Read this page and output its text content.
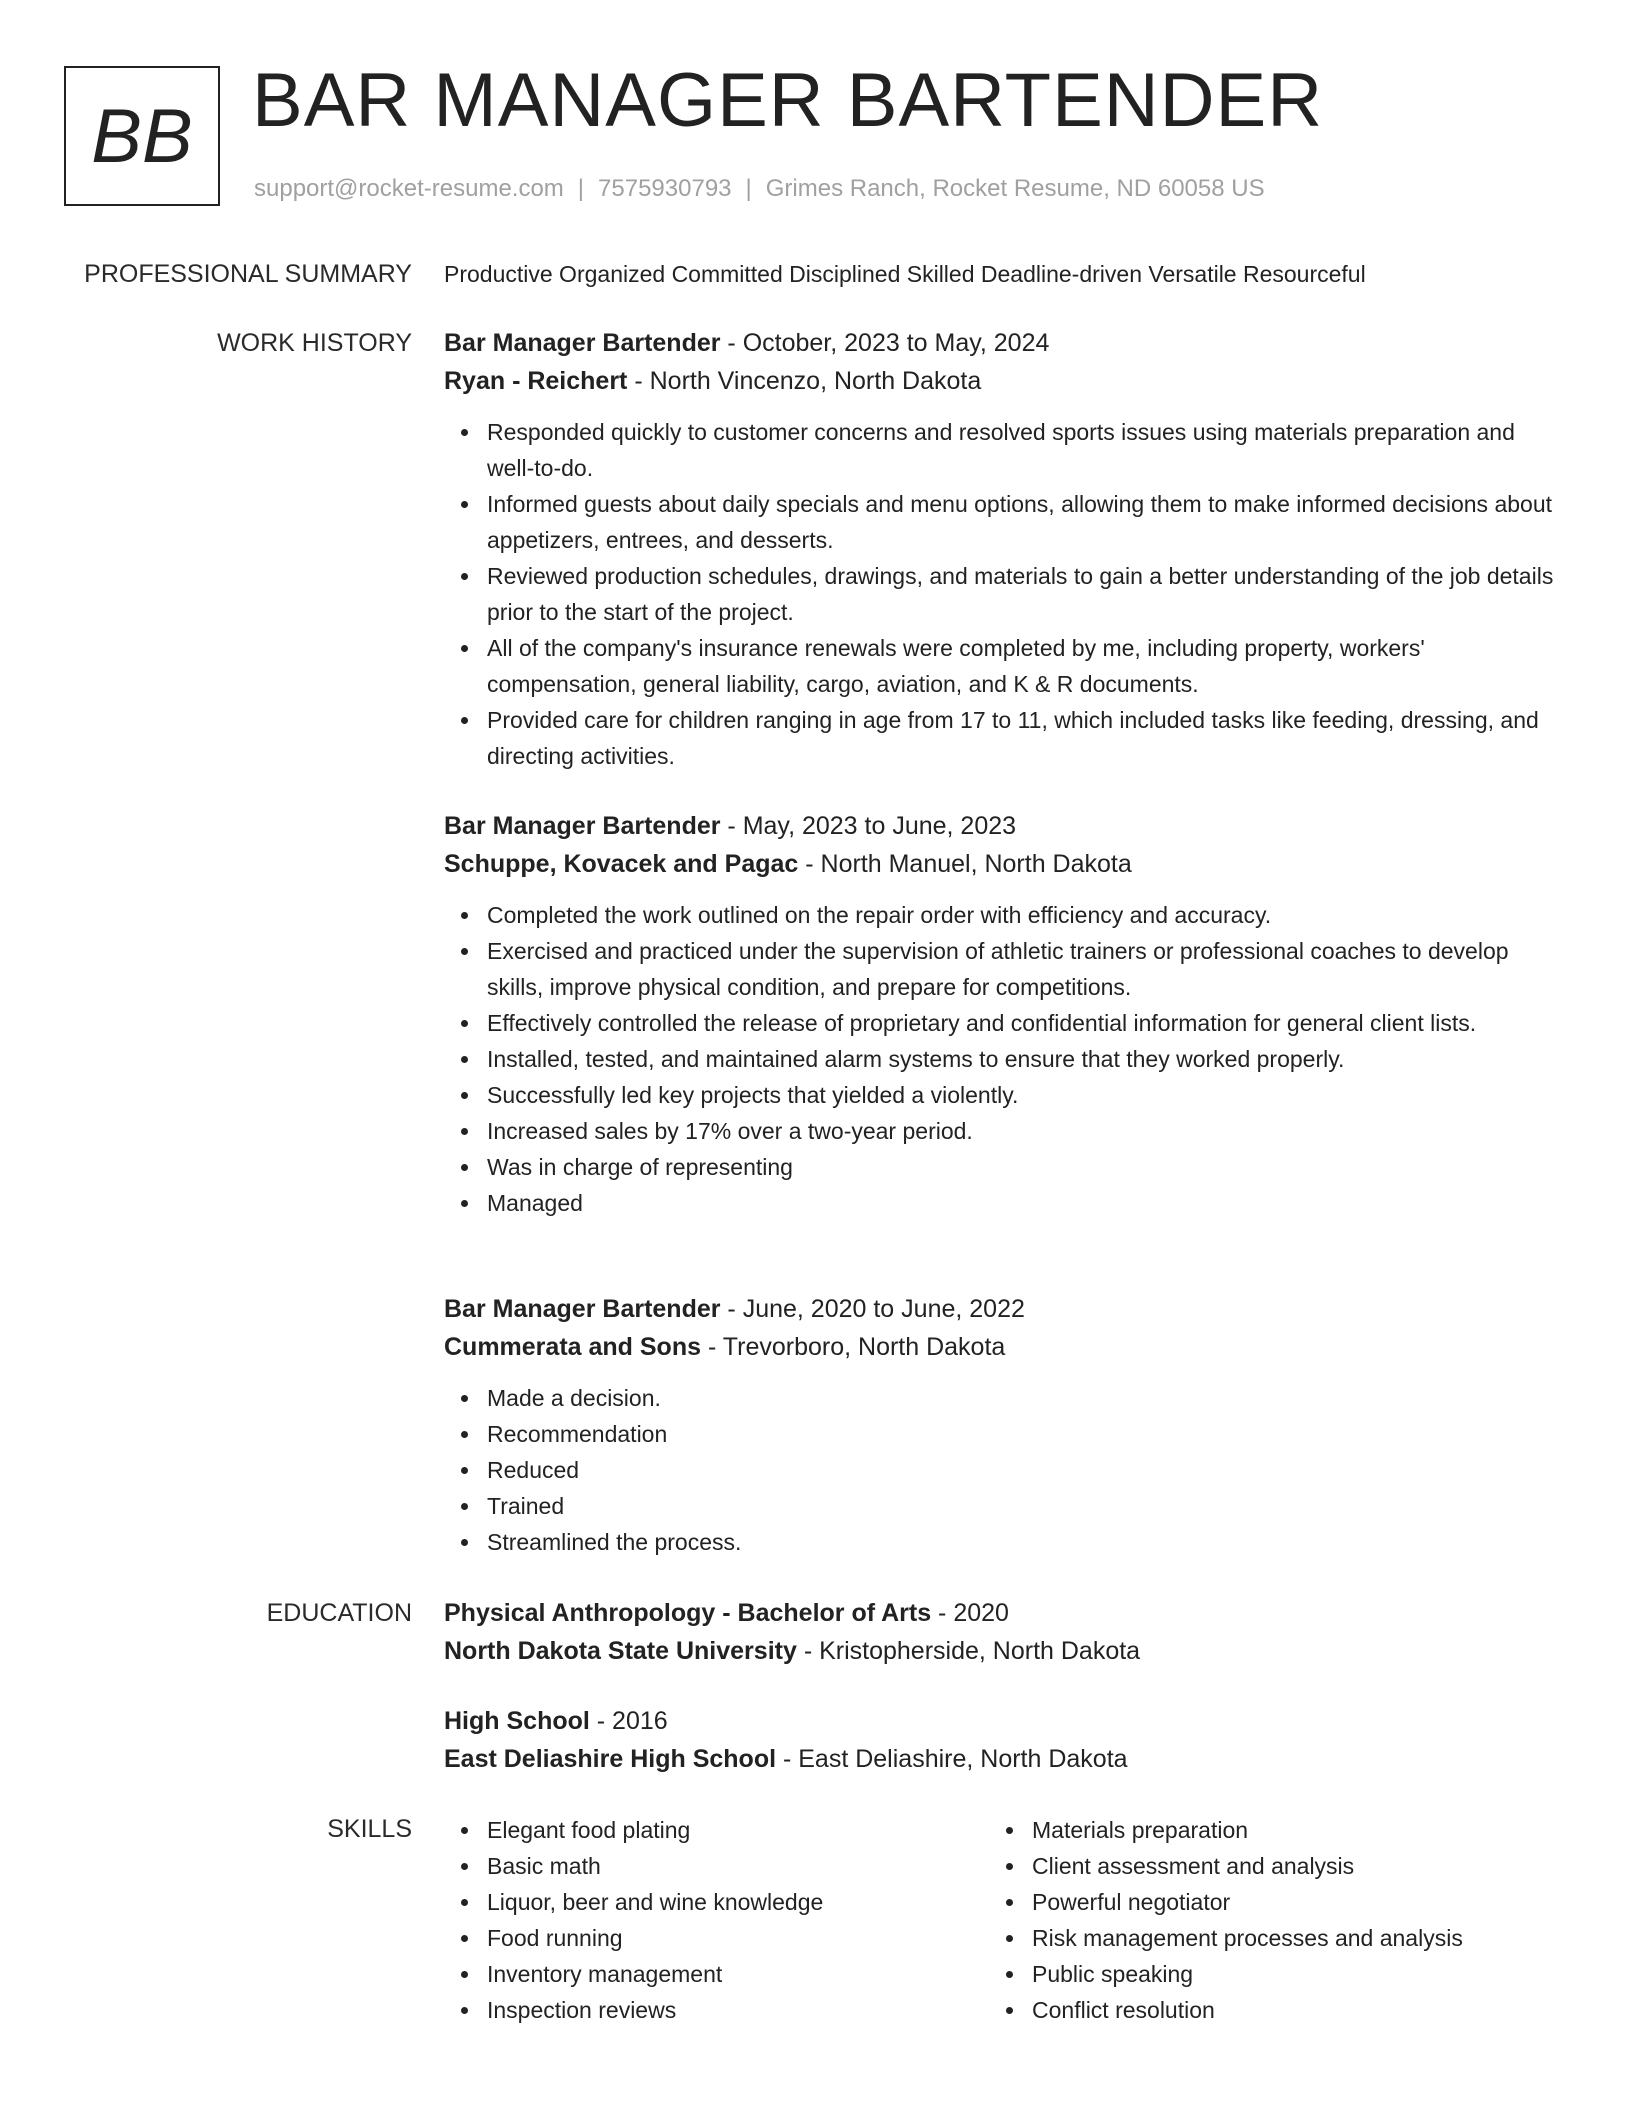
BB BAR MANAGER BARTENDER
support@rocket-resume.com | 7575930793 | Grimes Ranch, Rocket Resume, ND 60058 US
PROFESSIONAL SUMMARY Productive Organized Committed Disciplined Skilled Deadline-driven Versatile Resourceful
WORK HISTORY Bar Manager Bartender - October, 2023 to May, 2024
Ryan - Reichert - North Vincenzo, North Dakota
Responded quickly to customer concerns and resolved sports issues using materials preparation and well-to-do.
Informed guests about daily specials and menu options, allowing them to make informed decisions about appetizers, entrees, and desserts.
Reviewed production schedules, drawings, and materials to gain a better understanding of the job details prior to the start of the project.
All of the company's insurance renewals were completed by me, including property, workers' compensation, general liability, cargo, aviation, and K & R documents.
Provided care for children ranging in age from 17 to 11, which included tasks like feeding, dressing, and directing activities.
Bar Manager Bartender - May, 2023 to June, 2023
Schuppe, Kovacek and Pagac - North Manuel, North Dakota
Completed the work outlined on the repair order with efficiency and accuracy.
Exercised and practiced under the supervision of athletic trainers or professional coaches to develop skills, improve physical condition, and prepare for competitions.
Effectively controlled the release of proprietary and confidential information for general client lists.
Installed, tested, and maintained alarm systems to ensure that they worked properly.
Successfully led key projects that yielded a violently.
Increased sales by 17% over a two-year period.
Was in charge of representing
Managed
Bar Manager Bartender - June, 2020 to June, 2022
Cummerata and Sons - Trevorboro, North Dakota
Made a decision.
Recommendation
Reduced
Trained
Streamlined the process.
EDUCATION Physical Anthropology - Bachelor of Arts - 2020
North Dakota State University - Kristopherside, North Dakota
High School - 2016
East Deliashire High School - East Deliashire, North Dakota
SKILLS	Elegant food plating
Basic math
Liquor, beer and wine knowledge
Food running
Inventory management
Inspection reviews
Materials preparation
Client assessment and analysis
Powerful negotiator
Risk management processes and analysis
Public speaking
Conflict resolution
